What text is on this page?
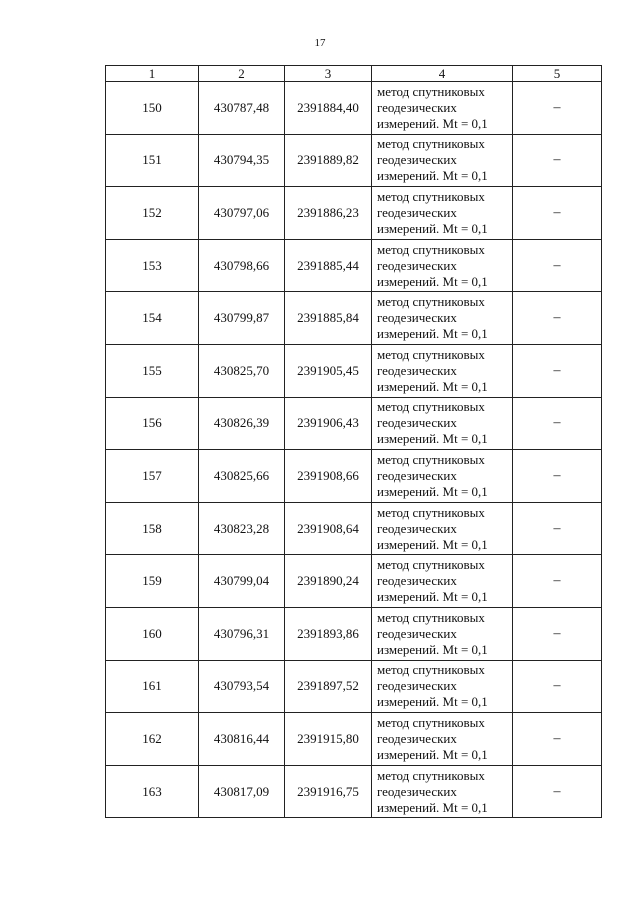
17
1	2	3	4	5
150	430787,48	2391884,40	метод спутниковых
геодезических
измерений. Mt = 0,1	–
151	430794,35	2391889,82	метод спутниковых
геодезических
измерений. Mt = 0,1	–
152	430797,06	2391886,23	метод спутниковых
геодезических
измерений. Mt = 0,1	–
153	430798,66	2391885,44	метод спутниковых
геодезических
измерений. Mt = 0,1	–
154	430799,87	2391885,84	метод спутниковых
геодезических
измерений. Mt = 0,1	–
155	430825,70	2391905,45	метод спутниковых
геодезических
измерений. Mt = 0,1	–
156	430826,39	2391906,43	метод спутниковых
геодезических
измерений. Mt = 0,1	–
157	430825,66	2391908,66	метод спутниковых
геодезических
измерений. Mt = 0,1	–
158	430823,28	2391908,64	метод спутниковых
геодезических
измерений. Mt = 0,1	–
159	430799,04	2391890,24	метод спутниковых
геодезических
измерений. Mt = 0,1	–
160	430796,31	2391893,86	метод спутниковых
геодезических
измерений. Mt = 0,1	–
161	430793,54	2391897,52	метод спутниковых
геодезических
измерений. Mt = 0,1	–
162	430816,44	2391915,80	метод спутниковых
геодезических
измерений. Mt = 0,1	–
163	430817,09	2391916,75	метод спутниковых
геодезических
измерений. Mt = 0,1	–
